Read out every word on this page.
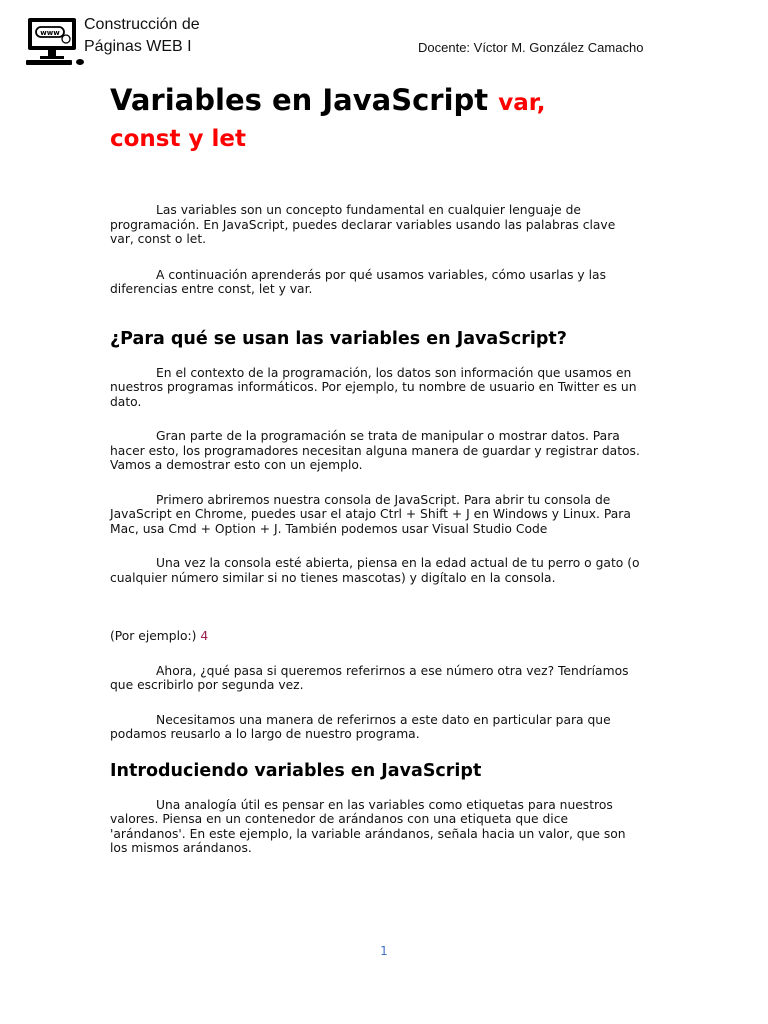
www Construcción de
Páginas WEB I	Docente: Víctor M. González Camacho
Variables en JavaScript var,
const y let

Las variables son un concepto fundamental en cualquier lenguaje de programación. En JavaScript, puedes declarar variables usando las palabras clave var, const o let.

A continuación aprenderás por qué usamos variables, cómo usarlas y las diferencias entre const, let y var.

¿Para qué se usan las variables en JavaScript?

En el contexto de la programación, los datos son información que usamos en nuestros programas informáticos. Por ejemplo, tu nombre de usuario en Twitter es un dato.

Gran parte de la programación se trata de manipular o mostrar datos. Para hacer esto, los programadores necesitan alguna manera de guardar y registrar datos. Vamos a demostrar esto con un ejemplo.

Primero abriremos nuestra consola de JavaScript. Para abrir tu consola de JavaScript en Chrome, puedes usar el atajo Ctrl + Shift + J en Windows y Linux. Para Mac, usa Cmd + Option + J. También podemos usar Visual Studio Code

Una vez la consola esté abierta, piensa en la edad actual de tu perro o gato (o cualquier número similar si no tienes mascotas) y digítalo en la consola.

(Por ejemplo:) 4

Ahora, ¿qué pasa si queremos referirnos a ese número otra vez? Tendríamos que escribirlo por segunda vez.

Necesitamos una manera de referirnos a este dato en particular para que podamos reusarlo a lo largo de nuestro programa.

Introduciendo variables en JavaScript

Una analogía útil es pensar en las variables como etiquetas para nuestros valores. Piensa en un contenedor de arándanos con una etiqueta que dice 'arándanos'. En este ejemplo, la variable arándanos, señala hacia un valor, que son los mismos arándanos.

1
